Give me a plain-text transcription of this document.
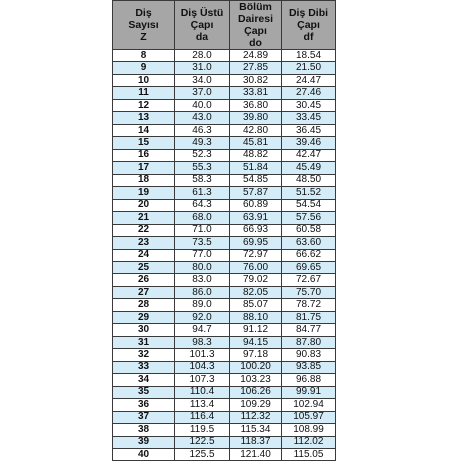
Diş
Sayısı
Z	Diş Üstü
Çapı
da	Bölüm
Dairesi Çapı
do	Diş Dibi
Çapı
df

8	28.0	24.89	18.54
9	31.0	27.85	21.50
10	34.0	30.82	24.47
11	37.0	33.81	27.46
12	40.0	36.80	30.45
13	43.0	39.80	33.45
14	46.3	42.80	36.45
15	49.3	45.81	39.46
16	52.3	48.82	42.47
17	55.3	51.84	45.49
18	58.3	54.85	48.50
19	61.3	57.87	51.52
20	64.3	60.89	54.54
21	68.0	63.91	57.56
22	71.0	66.93	60.58
23	73.5	69.95	63.60
24	77.0	72.97	66.62
25	80.0	76.00	69.65
26	83.0	79.02	72.67
27	86.0	82.05	75.70
28	89.0	85.07	78.72
29	92.0	88.10	81.75
30	94.7	91.12	84.77
31	98.3	94.15	87.80
32	101.3	97.18	90.83
33	104.3	100.20	93.85
34	107.3	103.23	96.88
35	110.4	106.26	99.91
36	113.4	109.29	102.94
37	116.4	112.32	105.97
38	119.5	115.34	108.99
39	122.5	118.37	112.02
40	125.5	121.40	115.05
